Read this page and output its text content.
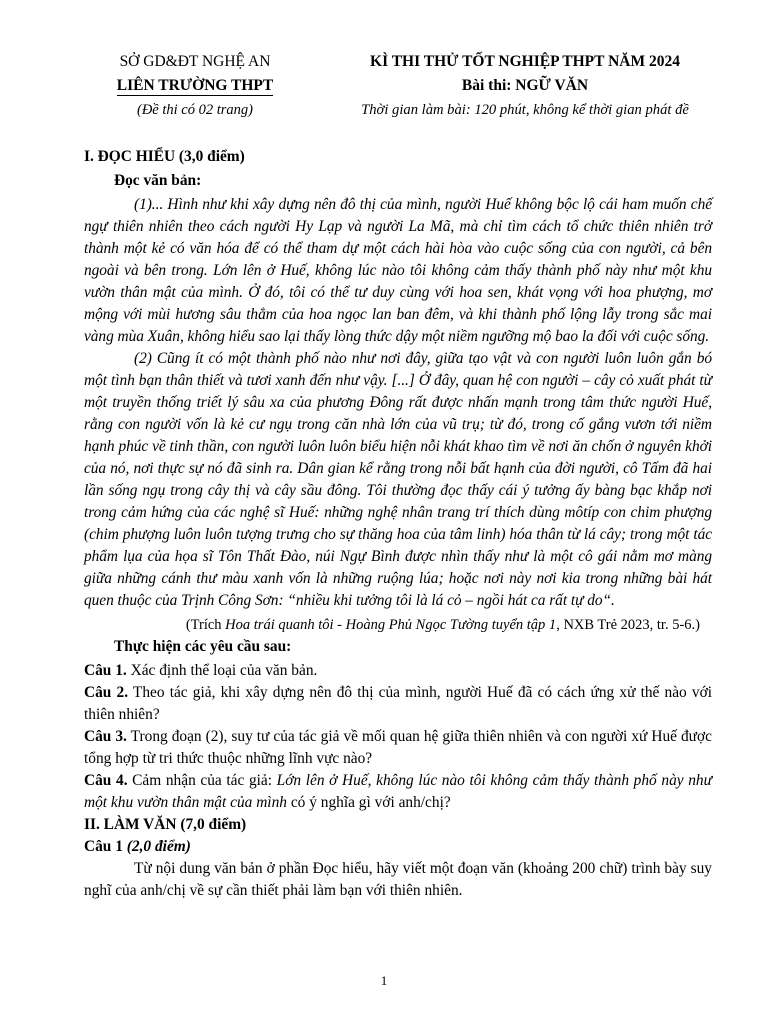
SỞ GD&ĐT NGHỆ AN
LIÊN TRƯỜNG THPT
(Đề thi có 02 trang)
KÌ THI THỬ TỐT NGHIỆP THPT NĂM 2024
Bài thi: NGỮ VĂN
Thời gian làm bài: 120 phút, không kể thời gian phát đề
I. ĐỌC HIỂU (3,0 điểm)
Đọc văn bản:

(1)... Hình như khi xây dựng nên đô thị của mình, người Huế không bộc lộ cái ham muốn chế ngự thiên nhiên theo cách người Hy Lạp và người La Mã, mà chỉ tìm cách tổ chức thiên nhiên trở thành một kẻ có văn hóa để có thể tham dự một cách hài hòa vào cuộc sống của con người, cả bên ngoài và bên trong. Lớn lên ở Huế, không lúc nào tôi không cảm thấy thành phố này như một khu vườn thân mật của mình. Ở đó, tôi có thể tư duy cùng với hoa sen, khát vọng với hoa phượng, mơ mộng với mùi hương sâu thẳm của hoa ngọc lan ban đêm, và khi thành phố lộng lẫy trong sắc mai vàng mùa Xuân, không hiểu sao lại thấy lòng thức dậy một niềm ngưỡng mộ bao la đối với cuộc sống.

(2) Cũng ít có một thành phố nào như nơi đây, giữa tạo vật và con người luôn luôn gắn bó một tình bạn thân thiết và tươi xanh đến như vậy. [...] Ở đây, quan hệ con người – cây cỏ xuất phát từ một truyền thống triết lý sâu xa của phương Đông rất được nhấn mạnh trong tâm thức người Huế, rằng con người vốn là kẻ cư ngụ trong căn nhà lớn của vũ trụ; từ đó, trong cố gắng vươn tới niềm hạnh phúc về tinh thần, con người luôn luôn biểu hiện nỗi khát khao tìm về nơi ăn chốn ở nguyên khởi của nó, nơi thực sự nó đã sinh ra. Dân gian kể rằng trong nỗi bất hạnh của đời người, cô Tấm đã hai lần sống ngụ trong cây thị và cây sầu đông. Tôi thường đọc thấy cái ý tưởng ấy bàng bạc khắp nơi trong cảm hứng của các nghệ sĩ Huế: những nghệ nhân trang trí thích dùng môtíp con chim phượng (chim phượng luôn luôn tượng trưng cho sự thăng hoa của tâm linh) hóa thân từ lá cây; trong một tác phẩm lụa của họa sĩ Tôn Thất Đào, núi Ngự Bình được nhìn thấy như là một cô gái nằm mơ màng giữa những cánh thư màu xanh vốn là những ruộng lúa; hoặc nơi này nơi kia trong những bài hát quen thuộc của Trịnh Công Sơn: “nhiều khi tưởng tôi là lá cỏ – ngồi hát ca rất tự do“.

(Trích Hoa trái quanh tôi - Hoàng Phủ Ngọc Tường tuyển tập 1, NXB Trẻ 2023, tr. 5-6.)
Thực hiện các yêu cầu sau:

Câu 1. Xác định thể loại của văn bản.

Câu 2. Theo tác giả, khi xây dựng nên đô thị của mình, người Huế đã có cách ứng xử thế nào với thiên nhiên?

Câu 3. Trong đoạn (2), suy tư của tác giả về mối quan hệ giữa thiên nhiên và con người xứ Huế được tổng hợp từ tri thức thuộc những lĩnh vực nào?

Câu 4. Cảm nhận của tác giả: Lớn lên ở Huế, không lúc nào tôi không cảm thấy thành phố này như một khu vườn thân mật của mình có ý nghĩa gì với anh/chị?

II. LÀM VĂN (7,0 điểm)

Câu 1 (2,0 điểm)

Từ nội dung văn bản ở phần Đọc hiểu, hãy viết một đoạn văn (khoảng 200 chữ) trình bày suy nghĩ của anh/chị về sự cần thiết phải làm bạn với thiên nhiên.

1
